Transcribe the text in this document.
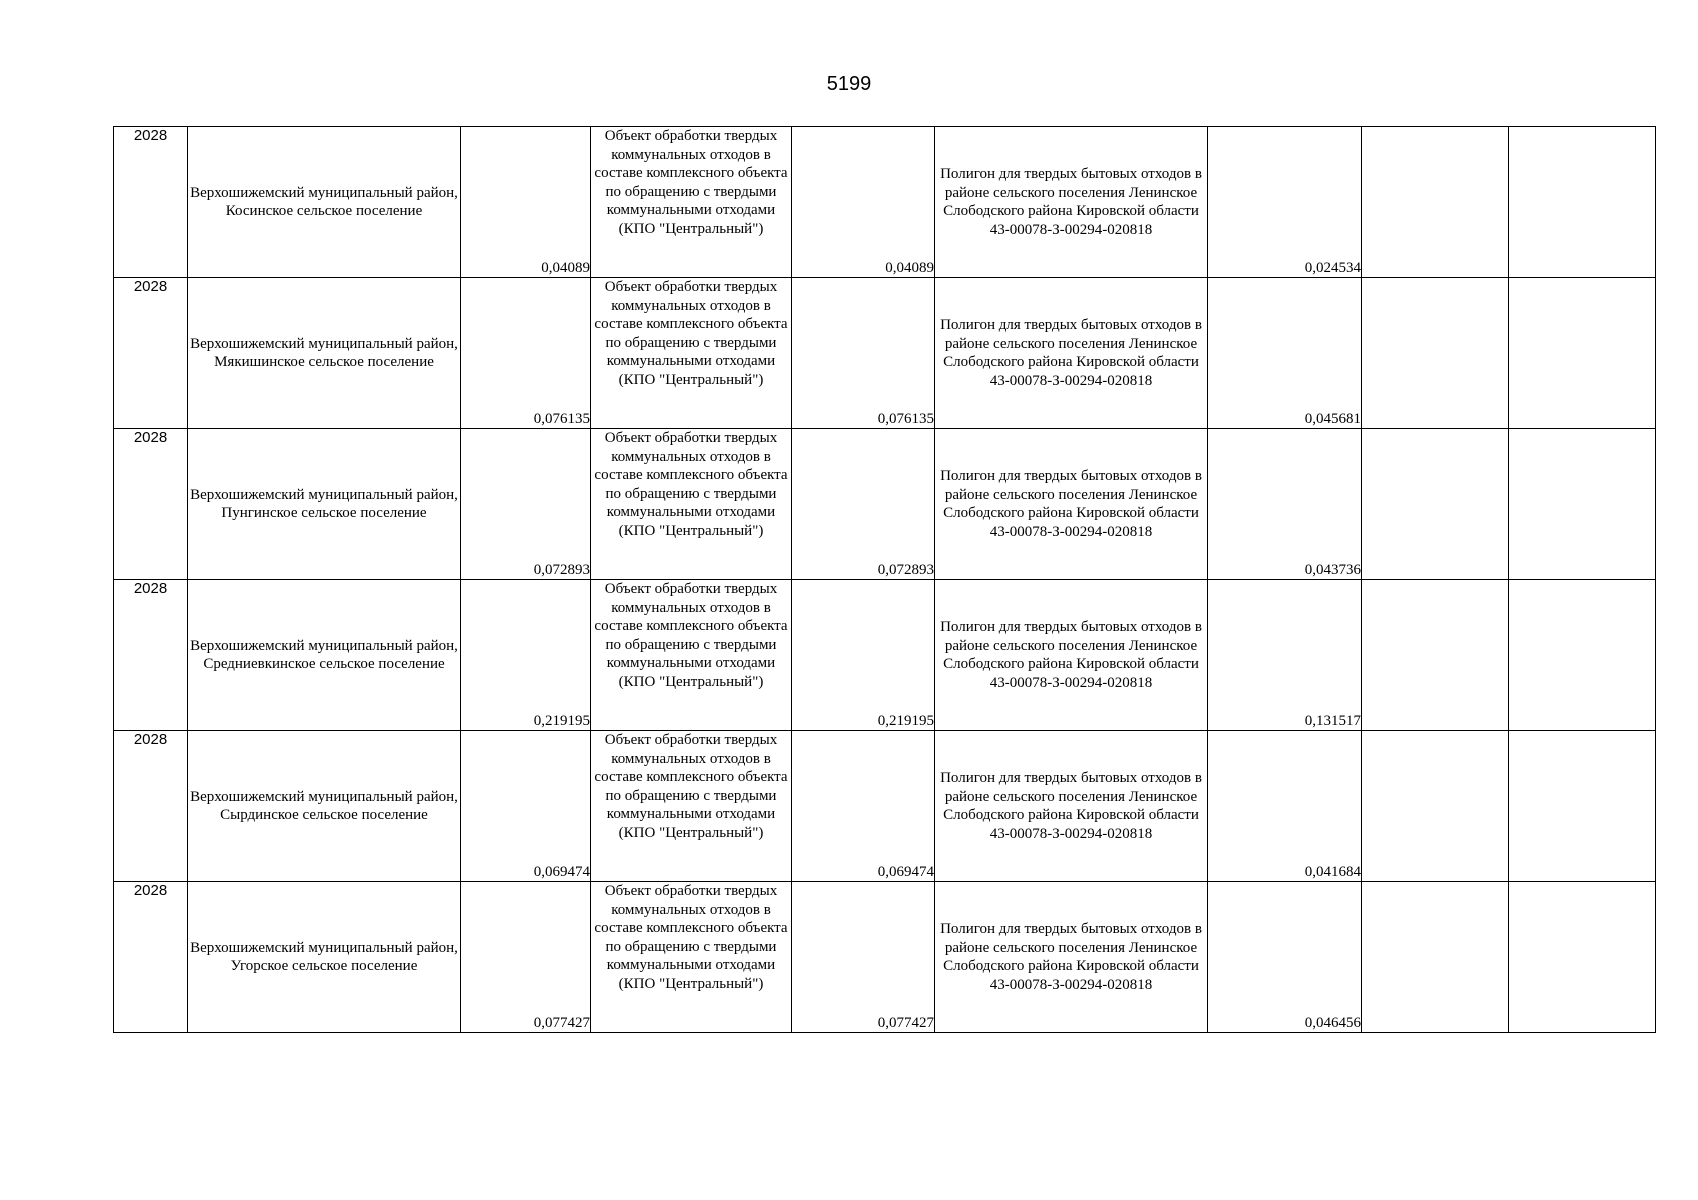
5199
2028	Верхошижемский муниципальный район, Косинское сельское поселение	0,04089	Объект обработки твердых коммунальных отходов в составе комплексного объекта по обращению с твердыми коммунальными отходами (КПО "Центральный")	0,04089	Полигон для твердых бытовых отходов в районе сельского поселения Ленинское Слободского района Кировской области 43-00078-З-00294-020818	0,024534		
2028	Верхошижемский муниципальный район, Мякишинское сельское поселение	0,076135	Объект обработки твердых коммунальных отходов в составе комплексного объекта по обращению с твердыми коммунальными отходами (КПО "Центральный")	0,076135	Полигон для твердых бытовых отходов в районе сельского поселения Ленинское Слободского района Кировской области 43-00078-З-00294-020818	0,045681		
2028	Верхошижемский муниципальный район, Пунгинское сельское поселение	0,072893	Объект обработки твердых коммунальных отходов в составе комплексного объекта по обращению с твердыми коммунальными отходами (КПО "Центральный")	0,072893	Полигон для твердых бытовых отходов в районе сельского поселения Ленинское Слободского района Кировской области 43-00078-З-00294-020818	0,043736		
2028	Верхошижемский муниципальный район, Средниевкинское сельское поселение	0,219195	Объект обработки твердых коммунальных отходов в составе комплексного объекта по обращению с твердыми коммунальными отходами (КПО "Центральный")	0,219195	Полигон для твердых бытовых отходов в районе сельского поселения Ленинское Слободского района Кировской области 43-00078-З-00294-020818	0,131517		
2028	Верхошижемский муниципальный район, Сырдинское сельское поселение	0,069474	Объект обработки твердых коммунальных отходов в составе комплексного объекта по обращению с твердыми коммунальными отходами (КПО "Центральный")	0,069474	Полигон для твердых бытовых отходов в районе сельского поселения Ленинское Слободского района Кировской области 43-00078-З-00294-020818	0,041684		
2028	Верхошижемский муниципальный район, Угорское сельское поселение	0,077427	Объект обработки твердых коммунальных отходов в составе комплексного объекта по обращению с твердыми коммунальными отходами (КПО "Центральный")	0,077427	Полигон для твердых бытовых отходов в районе сельского поселения Ленинское Слободского района Кировской области 43-00078-З-00294-020818	0,046456		
